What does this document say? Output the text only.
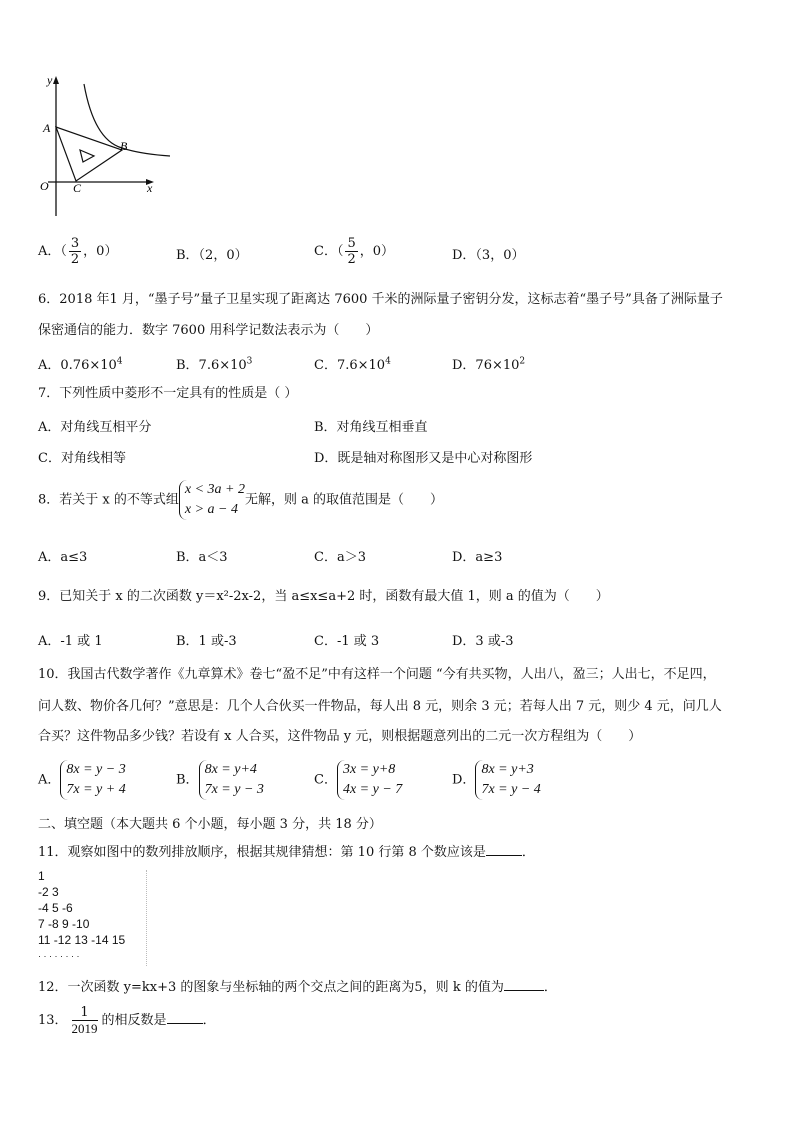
y
x
O
A
B
C
A．（ $\frac{3}{2}$ ，0）	B．（2，0）	C．（ $\frac{5}{2}$ ，0）	D．（3，0）
6．2018 年1 月，“墨子号”量子卫星实现了距离达 7600 千米的洲际量子密钥分发，这标志着“墨子号”具备了洲际量子
保密通信的能力．数字 7600 用科学记数法表示为（　　）
A．$0.76\times 10^4$	B．$7.6\times 10^3$	C．$7.6\times 10^4$	D．$76\times 10^2$
7．下列性质中菱形不一定具有的性质是（ ）
A．对角线互相平分	B．对角线互相垂直
C．对角线相等	D．既是轴对称图形又是中心对称图形
8．若关于 x 的不等式组
x < 3a + 2
x > a − 4
无解，则 a 的取值范围是（　　）
A．a≤3	B．a＜3	C．a＞3	D．a≥3
9．已知关于 x 的二次函数 y＝x²-2x-2，当 a≤x≤a+2 时，函数有最大值 1，则 a 的值为（　　）
A．-1 或 1	B．1 或-3	C．-1 或 3	D．3 或-3
10．我国古代数学著作《九章算术》卷七“盈不足”中有这样一个问题 “今有共买物，人出八，盈三；人出七，不足四，
问人数、物价各几何？”意思是：几个人合伙买一件物品，每人出 8 元，则余 3 元；若每人出 7 元，则少 4 元，问几人
合买？这件物品多少钱？若设有 x 人合买，这件物品 y 元，则根据题意列出的二元一次方程组为（　　）
A．
8x = y − 3
7x = y + 4
B．
8x = y+4
7x = y − 3
C．
3x = y+8
4x = y − 7
D．
8x = y+3
7x = y − 4
二、填空题（本大题共 6 个小题，每小题 3 分，共 18 分）
11．观察如图中的数列排放顺序，根据其规律猜想：第 10 行第 8 个数应该是	．
1
-2 3
-4 5 -6
7 -8 9 -10
11 -12 13 -14 15
· · · · · · · ·
12．一次函数 y=kx+3 的图象与坐标轴的两个交点之间的距离为5，则 k 的值为	．
13． $\frac{1}{2019}$ 的相反数是	．
